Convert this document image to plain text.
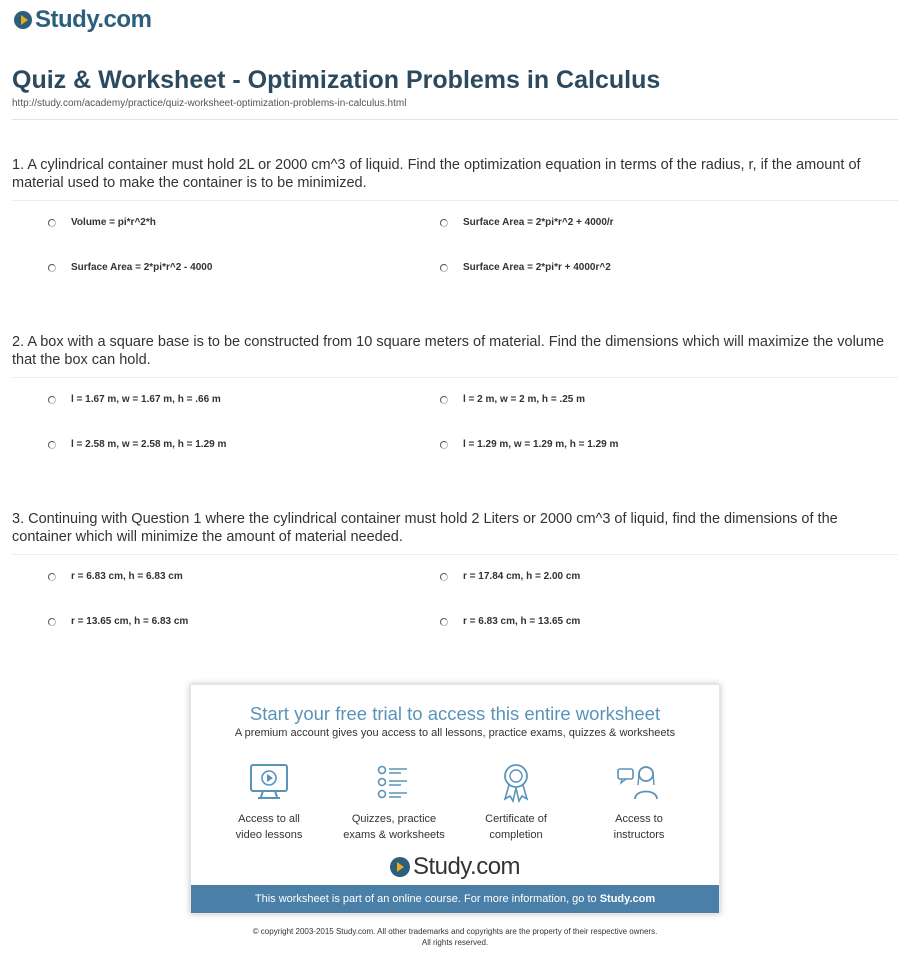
Study.com
Quiz & Worksheet - Optimization Problems in Calculus
http://study.com/academy/practice/quiz-worksheet-optimization-problems-in-calculus.html
1. A cylindrical container must hold 2L or 2000 cm^3 of liquid. Find the optimization equation in terms of the radius, r, if the amount of material used to make the container is to be minimized.
Volume = pi*r^2*h	Surface Area = 2*pi*r^2 + 4000/r
Surface Area = 2*pi*r^2 - 4000	Surface Area = 2*pi*r + 4000r^2
2. A box with a square base is to be constructed from 10 square meters of material. Find the dimensions which will maximize the volume that the box can hold.
l = 1.67 m, w = 1.67 m, h = .66 m	l = 2 m, w = 2 m, h = .25 m
l = 2.58 m, w = 2.58 m, h = 1.29 m	l = 1.29 m, w = 1.29 m, h = 1.29 m
3. Continuing with Question 1 where the cylindrical container must hold 2 Liters or 2000 cm^3 of liquid, find the dimensions of the container which will minimize the amount of material needed.
r = 6.83 cm, h = 6.83 cm	r = 17.84 cm, h = 2.00 cm
r = 13.65 cm, h = 6.83 cm	r = 6.83 cm, h = 13.65 cm
Start your free trial to access this entire worksheet
A premium account gives you access to all lessons, practice exams, quizzes & worksheets
Access to all
video lessons
Quizzes, practice
exams & worksheets
Certificate of
completion
Access to
instructors
Study.com
This worksheet is part of an online course. For more information, go to Study.com
© copyright 2003-2015 Study.com. All other trademarks and copyrights are the property of their respective owners.
All rights reserved.
